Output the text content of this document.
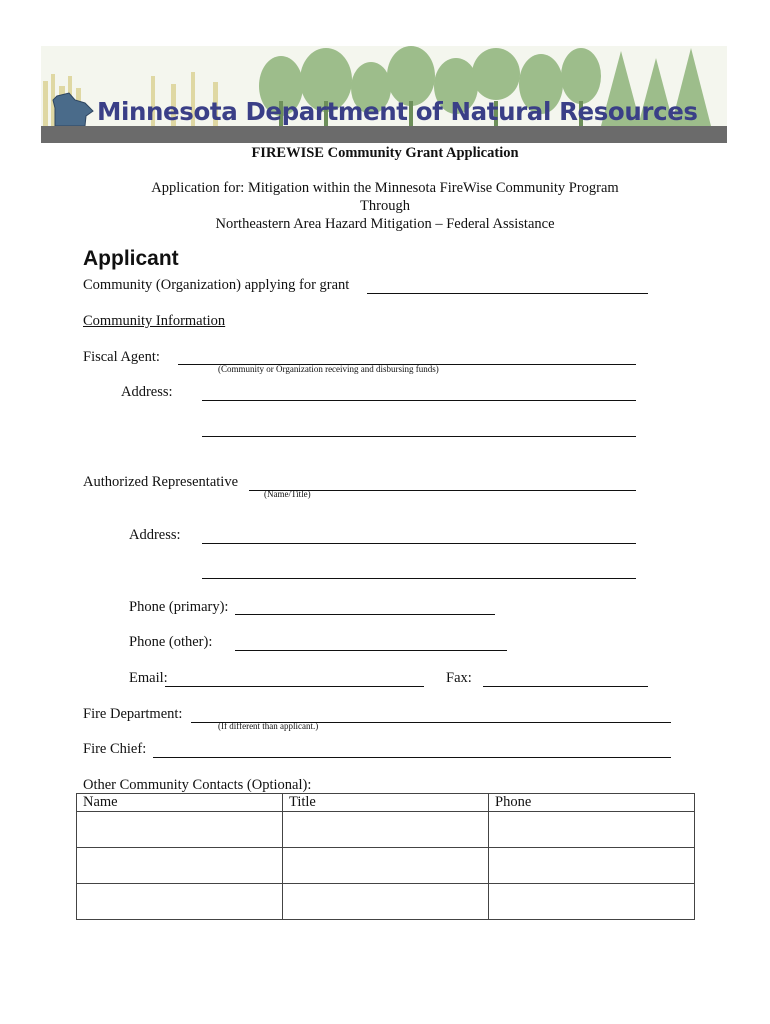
Minnesota Department of Natural Resources
FIREWISE Community Grant Application
Application for: Mitigation within the Minnesota FireWise Community Program
Through
Northeastern Area Hazard Mitigation – Federal Assistance
Applicant
Community (Organization) applying for grant
Community Information
Fiscal Agent:
(Community or Organization receiving and disbursing funds)
Address:
Authorized Representative
(Name/Title)
Address:
Phone (primary):
Phone (other):
Email:	Fax:
Fire Department:
(If different than applicant.)
Fire Chief:
Other Community Contacts (Optional):
Name	Title	Phone
